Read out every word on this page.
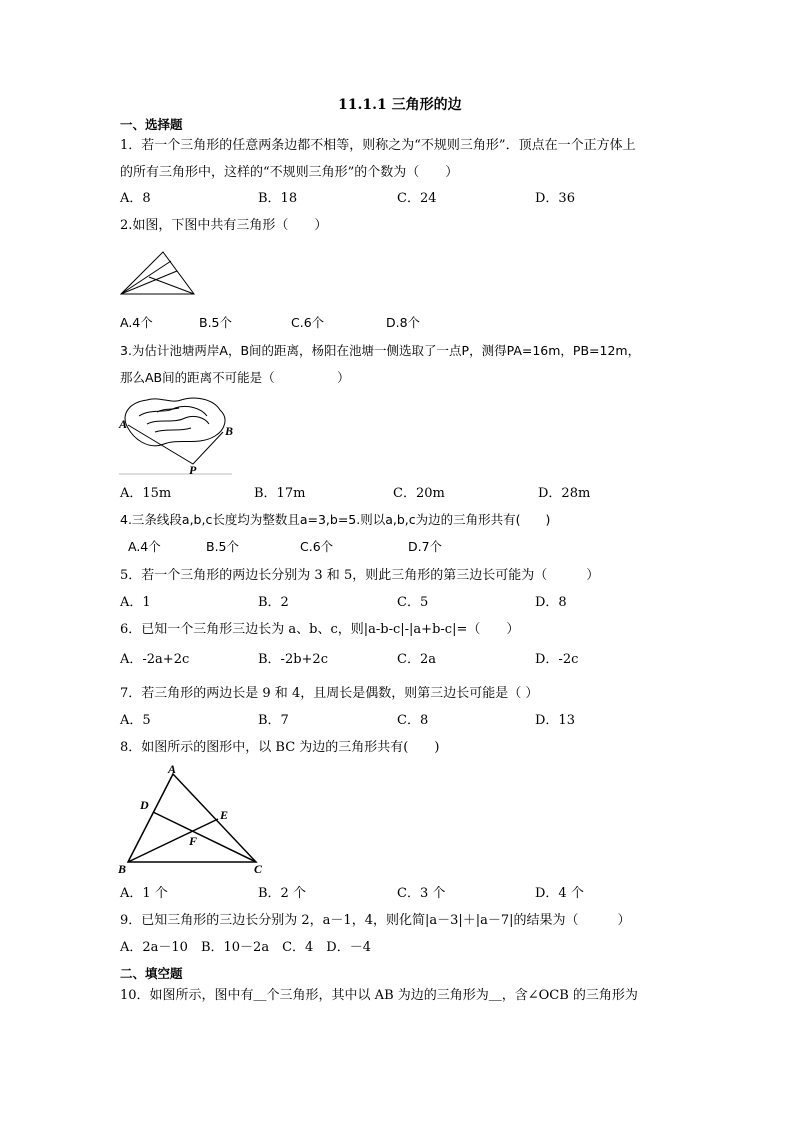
11.1.1 三角形的边
一、选择题
1．若一个三角形的任意两条边都不相等，则称之为“不规则三角形”．顶点在一个正方体上
的所有三角形中，这样的“不规则三角形”的个数为（　　）
A．8	B．18	C．24	D．36
2.如图，下图中共有三角形（　　）
A.4个	B.5个	C.6个	D.8个
3.为估计池塘两岸A，B间的距离，杨阳在池塘一侧选取了一点P，测得PA=16m，PB=12m，
那么AB间的距离不可能是（　　　　　）
A	B
P
A．15m	B．17m	C．20m	D．28m
4.三条线段a,b,c长度均为整数且a=3,b=5.则以a,b,c为边的三角形共有(　　)
A.4个	B.5个	C.6个	D.7个
5．若一个三角形的两边长分别为 3 和 5，则此三角形的第三边长可能为（　　　）
A．1	B．2	C．5	D．8
6．已知一个三角形三边长为 a、b、c，则|a-b-c|-|a+b-c|=（　　）
A．-2a+2c	B．-2b+2c	C．2a	D．-2c
7．若三角形的两边长是 9 和 4，且周长是偶数，则第三边长可能是（ ）
A．5	B．7	C．8	D．13
8．如图所示的图形中，以 BC 为边的三角形共有(　　)
A
D
E
F
B	C
A．1 个	B．2 个	C．3 个	D．4 个
9．已知三角形的三边长分别为 2，a－1，4，则化简|a－3|＋|a－7|的结果为（　　　）
A．2a－10　B．10－2a　C．4　D．－4
二、填空题
10．如图所示，图中有＿个三角形，其中以 AB 为边的三角形为＿，含∠OCB 的三角形为
